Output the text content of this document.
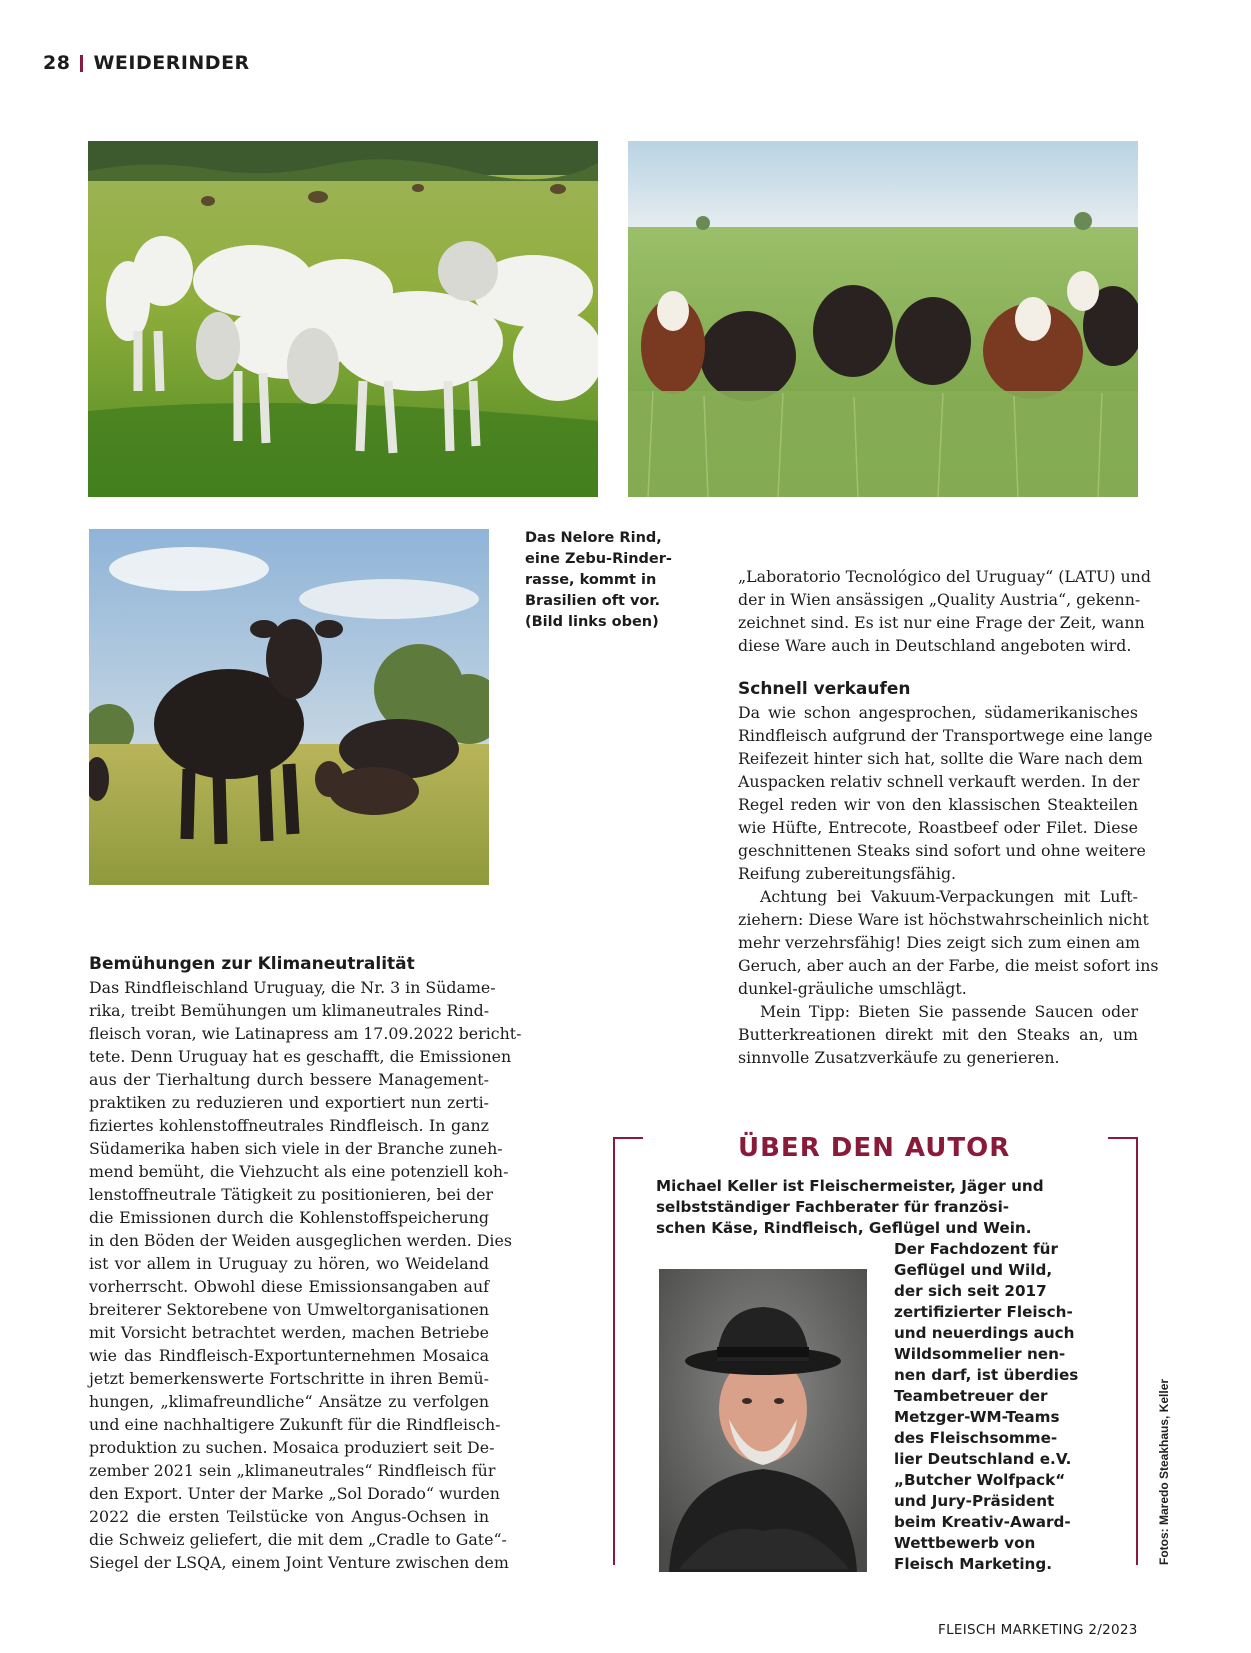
28 WEIDERINDER
Das Nelore Rind,
eine Zebu-Rinder-
rasse, kommt in
Brasilien oft vor.
(Bild links oben)
Bemühungen zur Klimaneutralität
Das Rindfleischland Uruguay, die Nr. 3 in Südame-
rika, treibt Bemühungen um klimaneutrales Rind-
fleisch voran, wie Latinapress am 17.09.2022 bericht-
tete. Denn Uruguay hat es geschafft, die Emissionen
aus der Tierhaltung durch bessere Management-
praktiken zu reduzieren und exportiert nun zerti-
fiziertes kohlenstoffneutrales Rindfleisch. In ganz
Südamerika haben sich viele in der Branche zuneh-
mend bemüht, die Viehzucht als eine potenziell koh-
lenstoffneutrale Tätigkeit zu positionieren, bei der
die Emissionen durch die Kohlenstoffspeicherung
in den Böden der Weiden ausgeglichen werden. Dies
ist vor allem in Uruguay zu hören, wo Weideland
vorherrscht. Obwohl diese Emissionsangaben auf
breiterer Sektorebene von Umweltorganisationen
mit Vorsicht betrachtet werden, machen Betriebe
wie das Rindfleisch-Exportunternehmen Mosaica
jetzt bemerkenswerte Fortschritte in ihren Bemü-
hungen, „klimafreundliche“ Ansätze zu verfolgen
und eine nachhaltigere Zukunft für die Rindfleisch-
produktion zu suchen. Mosaica produziert seit De-
zember 2021 sein „klimaneutrales“ Rindfleisch für
den Export. Unter der Marke „Sol Dorado“ wurden
2022 die ersten Teilstücke von Angus-Ochsen in
die Schweiz geliefert, die mit dem „Cradle to Gate“-
Siegel der LSQA, einem Joint Venture zwischen dem
„Laboratorio Tecnológico del Uruguay“ (LATU) und
der in Wien ansässigen „Quality Austria“, gekenn-
zeichnet sind. Es ist nur eine Frage der Zeit, wann
diese Ware auch in Deutschland angeboten wird.
Schnell verkaufen
Da wie schon angesprochen, südamerikanisches
Rindfleisch aufgrund der Transportwege eine lange
Reifezeit hinter sich hat, sollte die Ware nach dem
Auspacken relativ schnell verkauft werden. In der
Regel reden wir von den klassischen Steakteilen
wie Hüfte, Entrecote, Roastbeef oder Filet. Diese
geschnittenen Steaks sind sofort und ohne weitere
Reifung zubereitungsfähig.
Achtung bei Vakuum-Verpackungen mit Luft-
ziehern: Diese Ware ist höchstwahrscheinlich nicht
mehr verzehrsfähig! Dies zeigt sich zum einen am
Geruch, aber auch an der Farbe, die meist sofort ins
dunkel-gräuliche umschlägt.
Mein Tipp: Bieten Sie passende Saucen oder
Butterkreationen direkt mit den Steaks an, um
sinnvolle Zusatzverkäufe zu generieren.
ÜBER DEN AUTOR
Michael Keller ist Fleischermeister, Jäger und
selbstständiger Fachberater für französi-
schen Käse, Rindfleisch, Geflügel und Wein.
Der Fachdozent für
Geflügel und Wild,
der sich seit 2017
zertifizierter Fleisch-
und neuerdings auch
Wildsommelier nen-
nen darf, ist überdies
Teambetreuer der
Metzger-WM-Teams
des Fleischsomme-
lier Deutschland e.V.
„Butcher Wolfpack“
und Jury-Präsident
beim Kreativ-Award-
Wettbewerb von
Fleisch Marketing.	Fotos: Maredo Steakhaus, Keller
FLEISCH MARKETING 2/2023
